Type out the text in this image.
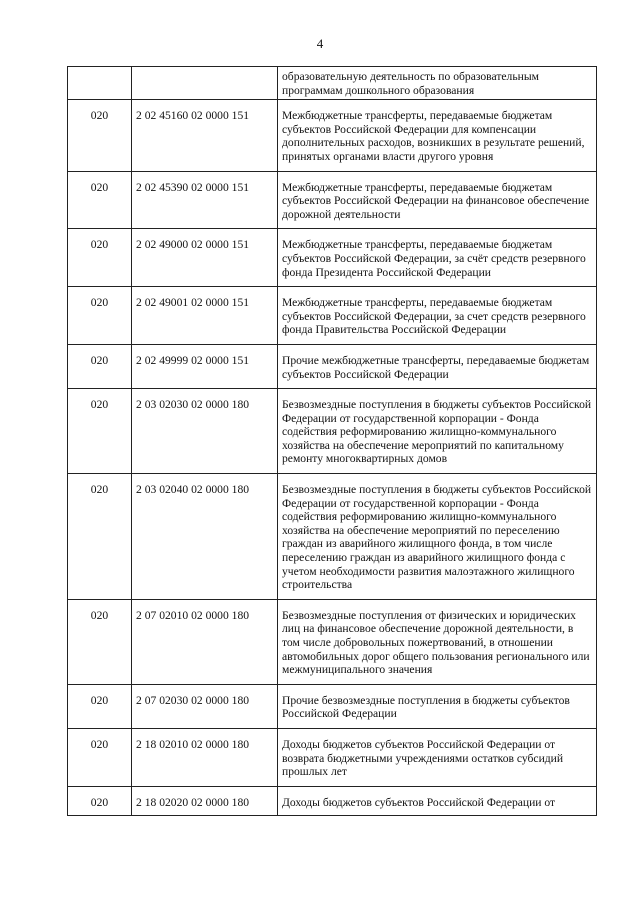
4
		образовательную деятельность по образовательным программам дошкольного образования
020	2 02 45160 02 0000 151	Межбюджетные трансферты, передаваемые бюджетам субъектов Российской Федерации для компенсации дополнительных расходов, возникших в результате решений, принятых органами власти другого уровня
020	2 02 45390 02 0000 151	Межбюджетные трансферты, передаваемые бюджетам субъектов Российской Федерации на финансовое обеспечение дорожной деятельности
020	2 02 49000 02 0000 151	Межбюджетные трансферты, передаваемые бюджетам субъектов Российской Федерации, за счёт средств резервного фонда Президента Российской Федерации
020	2 02 49001 02 0000 151	Межбюджетные трансферты, передаваемые бюджетам субъектов Российской Федерации, за счет средств резервного фонда Правительства Российской Федерации
020	2 02 49999 02 0000 151	Прочие межбюджетные трансферты, передаваемые бюджетам субъектов Российской Федерации
020	2 03 02030 02 0000 180	Безвозмездные поступления в бюджеты субъектов Российской Федерации от государственной корпорации - Фонда содействия реформированию жилищно-коммунального хозяйства на обеспечение мероприятий по капитальному ремонту многоквартирных домов
020	2 03 02040 02 0000 180	Безвозмездные поступления в бюджеты субъектов Российской Федерации от государственной корпорации - Фонда содействия реформированию жилищно-коммунального хозяйства на обеспечение мероприятий по переселению граждан из аварийного жилищного фонда, в том числе переселению граждан из аварийного жилищного фонда с учетом необходимости развития малоэтажного жилищного строительства
020	2 07 02010 02 0000 180	Безвозмездные поступления от физических и юридических лиц на финансовое обеспечение дорожной деятельности, в том числе добровольных пожертвований, в отношении автомобильных дорог общего пользования регионального или межмуниципального значения
020	2 07 02030 02 0000 180	Прочие безвозмездные поступления в бюджеты субъектов Российской Федерации
020	2 18 02010 02 0000 180	Доходы бюджетов субъектов Российской Федерации от возврата бюджетными учреждениями остатков субсидий прошлых лет
020	2 18 02020 02 0000 180	Доходы бюджетов субъектов Российской Федерации от
